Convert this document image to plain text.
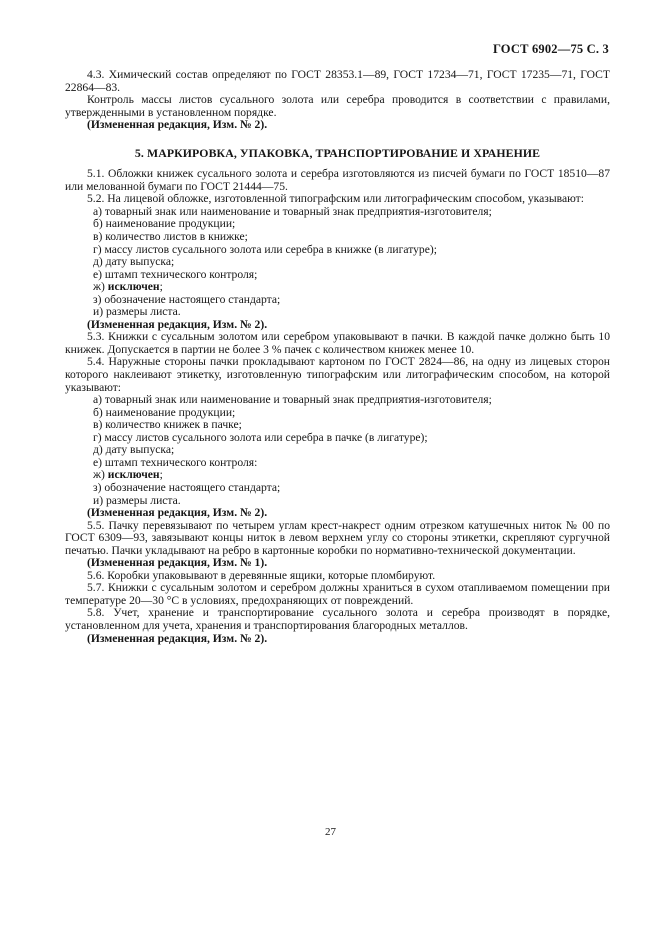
ГОСТ 6902—75 С. 3

4.3. Химический состав определяют по ГОСТ 28353.1—89, ГОСТ 17234—71, ГОСТ 17235—71, ГОСТ 22864—83.

Контроль массы листов сусального золота или серебра проводится в соответствии с правилами, утвержденными в установленном порядке.

(Измененная редакция, Изм. № 2).

5. МАРКИРОВКА, УПАКОВКА, ТРАНСПОРТИРОВАНИЕ И ХРАНЕНИЕ

5.1. Обложки книжек сусального золота и серебра изготовляются из писчей бумаги по ГОСТ 18510—87 или мелованной бумаги по ГОСТ 21444—75.

5.2. На лицевой обложке, изготовленной типографским или литографическим способом, указывают:

а) товарный знак или наименование и товарный знак предприятия-изготовителя;

б) наименование продукции;

в) количество листов в книжке;

г) массу листов сусального золота или серебра в книжке (в лигатуре);

д) дату выпуска;

е) штамп технического контроля;

ж) исключен;

з) обозначение настоящего стандарта;

и) размеры листа.

(Измененная редакция, Изм. № 2).

5.3. Книжки с сусальным золотом или серебром упаковывают в пачки. В каждой пачке должно быть 10 книжек. Допускается в партии не более 3 % пачек с количеством книжек менее 10.

5.4. Наружные стороны пачки прокладывают картоном по ГОСТ 2824—86, на одну из лицевых сторон которого наклеивают этикетку, изготовленную типографским или литографическим способом, на которой указывают:

а) товарный знак или наименование и товарный знак предприятия-изготовителя;

б) наименование продукции;

в) количество книжек в пачке;

г) массу листов сусального золота или серебра в пачке (в лигатуре);

д) дату выпуска;

е) штамп технического контроля:

ж) исключен;

з) обозначение настоящего стандарта;

и) размеры листа.

(Измененная редакция, Изм. № 2).

5.5. Пачку перевязывают по четырем углам крест-накрест одним отрезком катушечных ниток № 00 по ГОСТ 6309—93, завязывают концы ниток в левом верхнем углу со стороны этикетки, скрепляют сургучной печатью. Пачки укладывают на ребро в картонные коробки по нормативно-технической документации.

(Измененная редакция, Изм. № 1).

5.6. Коробки упаковывают в деревянные ящики, которые пломбируют.

5.7. Книжки с сусальным золотом и серебром должны храниться в сухом отапливаемом помещении при температуре 20—30 °С в условиях, предохраняющих от повреждений.

5.8. Учет, хранение и транспортирование сусального золота и серебра производят в порядке, установленном для учета, хранения и транспортирования благородных металлов.

(Измененная редакция, Изм. № 2).

27
